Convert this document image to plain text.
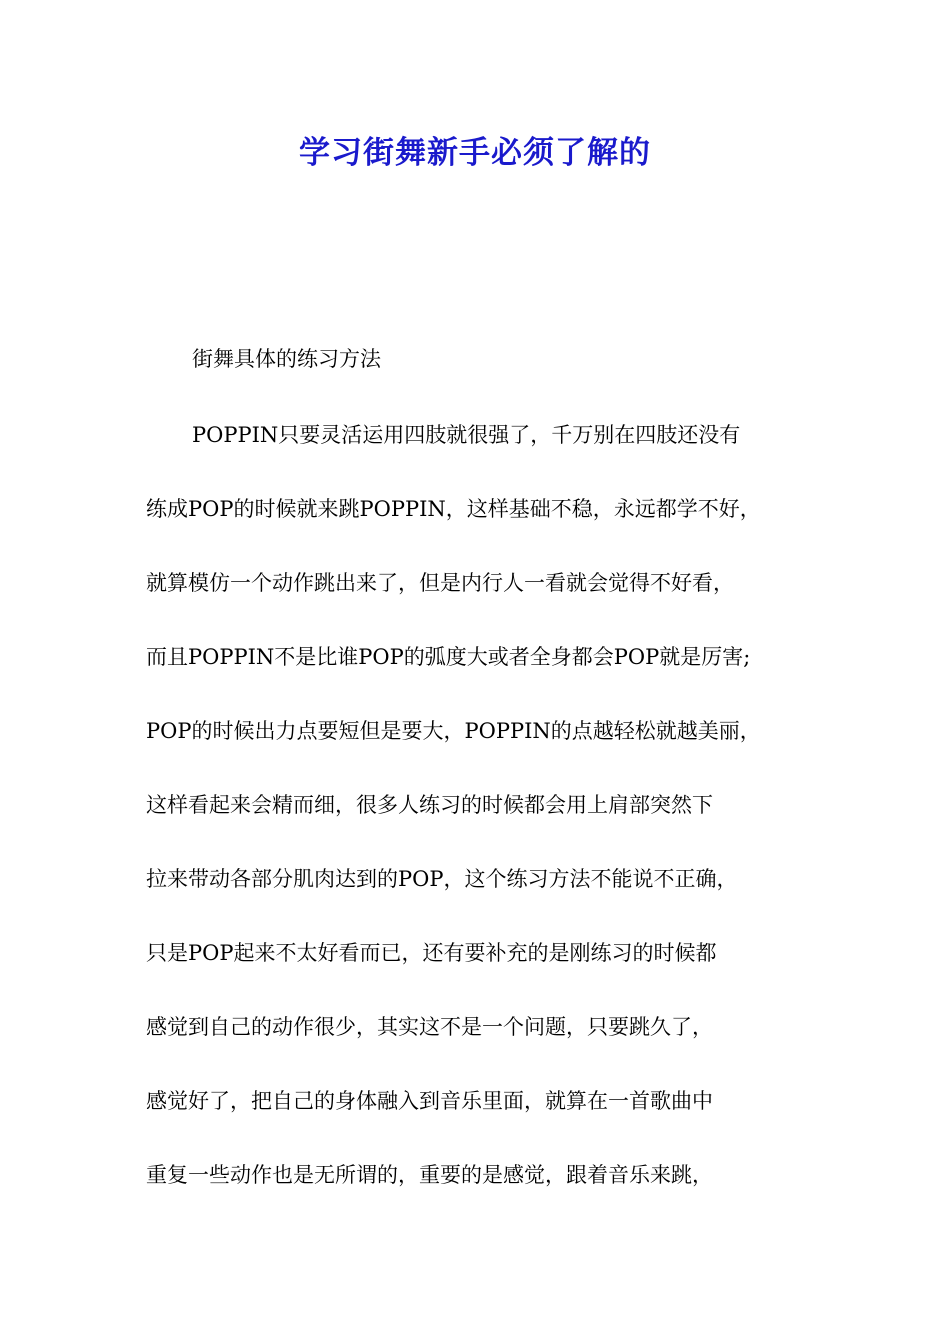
学习街舞新手必须了解的
街舞具体的练习方法
POPPIN只要灵活运用四肢就很强了，千万别在四肢还没有
练成POP的时候就来跳POPPIN，这样基础不稳，永远都学不好，
就算模仿一个动作跳出来了，但是内行人一看就会觉得不好看，
而且POPPIN不是比谁POP的弧度大或者全身都会POP就是厉害;
POP的时候出力点要短但是要大，POPPIN的点越轻松就越美丽，
这样看起来会精而细，很多人练习的时候都会用上肩部突然下
拉来带动各部分肌肉达到的POP，这个练习方法不能说不正确，
只是POP起来不太好看而已，还有要补充的是刚练习的时候都
感觉到自己的动作很少，其实这不是一个问题，只要跳久了，
感觉好了，把自己的身体融入到音乐里面，就算在一首歌曲中
重复一些动作也是无所谓的，重要的是感觉，跟着音乐来跳，
